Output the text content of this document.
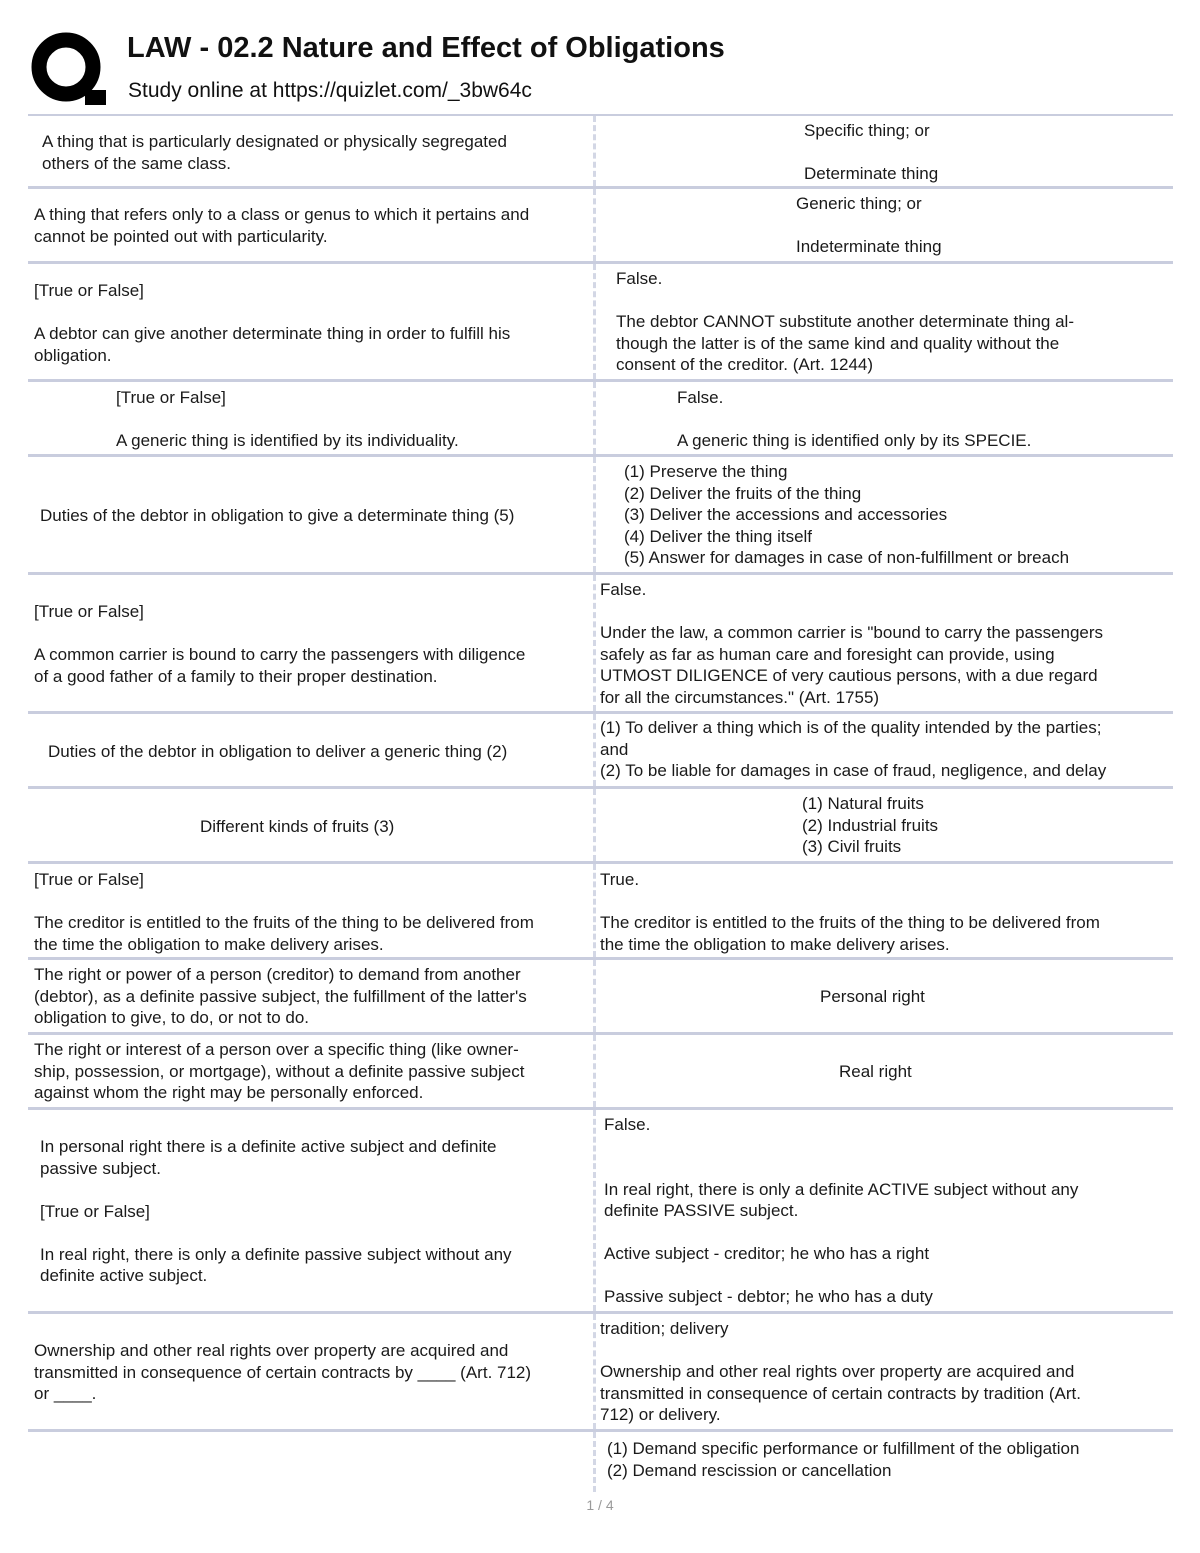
LAW - 02.2 Nature and Effect of Obligations
Study online at https://quizlet.com/_3bw64c
A thing that is particularly designated or physically segregated
others of the same class.
Specific thing; or

Determinate thing
A thing that refers only to a class or genus to which it pertains and
cannot be pointed out with particularity.
Generic thing; or

Indeterminate thing
[True or False]

A debtor can give another determinate thing in order to fulfill his
obligation.
False.

The debtor CANNOT substitute another determinate thing al-
though the latter is of the same kind and quality without the
consent of the creditor. (Art. 1244)
[True or False]

A generic thing is identified by its individuality.
False.

A generic thing is identified only by its SPECIE.
Duties of the debtor in obligation to give a determinate thing (5)
(1) Preserve the thing
(2) Deliver the fruits of the thing
(3) Deliver the accessions and accessories
(4) Deliver the thing itself
(5) Answer for damages in case of non-fulfillment or breach
[True or False]

A common carrier is bound to carry the passengers with diligence
of a good father of a family to their proper destination.
False.

Under the law, a common carrier is "bound to carry the passengers
safely as far as human care and foresight can provide, using
UTMOST DILIGENCE of very cautious persons, with a due regard
for all the circumstances." (Art. 1755)
Duties of the debtor in obligation to deliver a generic thing (2)
(1) To deliver a thing which is of the quality intended by the parties;
and
(2) To be liable for damages in case of fraud, negligence, and delay
Different kinds of fruits (3)
(1) Natural fruits
(2) Industrial fruits
(3) Civil fruits
[True or False]

The creditor is entitled to the fruits of the thing to be delivered from
the time the obligation to make delivery arises.
True.

The creditor is entitled to the fruits of the thing to be delivered from
the time the obligation to make delivery arises.
The right or power of a person (creditor) to demand from another
(debtor), as a definite passive subject, the fulfillment of the latter's
obligation to give, to do, or not to do.
Personal right
The right or interest of a person over a specific thing (like owner-
ship, possession, or mortgage), without a definite passive subject
against whom the right may be personally enforced.
Real right
In personal right there is a definite active subject and definite
passive subject.

[True or False]

In real right, there is only a definite passive subject without any
definite active subject.
False.

In real right, there is only a definite ACTIVE subject without any
definite PASSIVE subject.

Active subject - creditor; he who has a right

Passive subject - debtor; he who has a duty
Ownership and other real rights over property are acquired and
transmitted in consequence of certain contracts by ____ (Art. 712)
or ____.
tradition; delivery

Ownership and other real rights over property are acquired and
transmitted in consequence of certain contracts by tradition (Art.
712) or delivery.
(1) Demand specific performance or fulfillment of the obligation
(2) Demand rescission or cancellation
1 / 4
